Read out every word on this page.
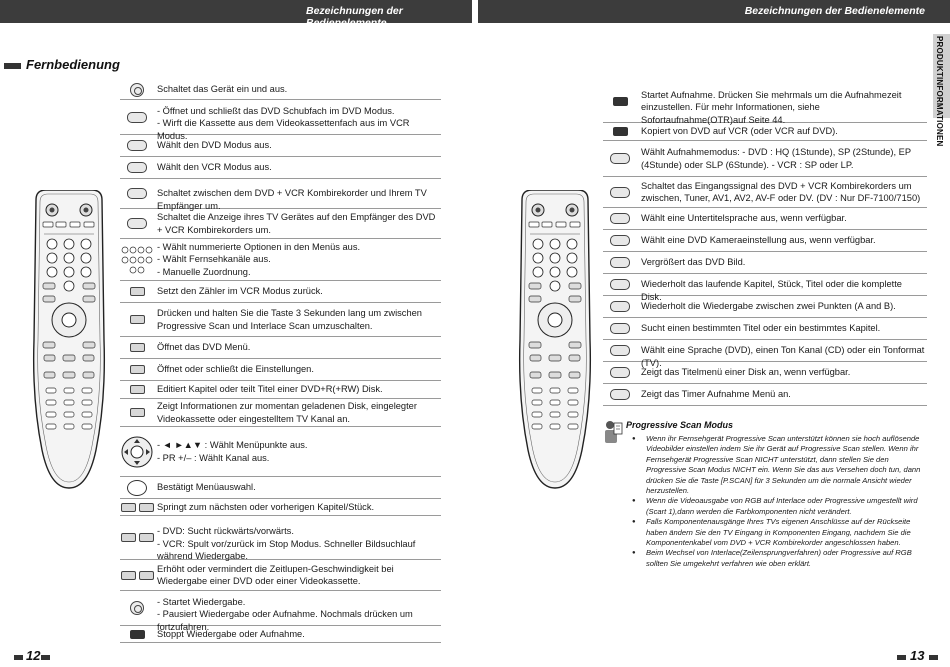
Bezeichnungen der Bedienelemente
Bezeichnungen der Bedienelemente
PRODUKTINFORMATIONEN
Fernbedienung
Schaltet das Gerät ein und aus.
- Öffnet und schließt das DVD Schubfach im DVD Modus.
- Wirft die Kassette aus dem Videokassettenfach aus im VCR Modus.
Wählt den DVD Modus aus.
Wählt den VCR Modus aus.
Schaltet zwischen dem DVD + VCR Kombirekorder und Ihrem TV Empfänger um.
Schaltet die Anzeige ihres TV Gerätes auf den Empfänger des DVD + VCR Kombirekorders um.
- Wählt nummerierte Optionen in den Menüs aus.
- Wählt Fernsehkanäle aus.
- Manuelle Zuordnung.
Setzt den Zähler im VCR Modus zurück.
Drücken und halten Sie die Taste 3 Sekunden lang um zwischen Progressive Scan und Interlace Scan umzuschalten.
Öffnet das DVD Menü.
Öffnet oder schließt die Einstellungen.
Editiert Kapitel oder teilt Titel einer DVD+R(+RW) Disk.
Zeigt Informationen zur momentan geladenen Disk, eingelegter Videokassette oder eingestelltem TV Kanal an.
- ◄ ►▲▼ : Wählt Menüpunkte aus.
- PR +/– : Wählt Kanal aus.
Bestätigt Menüauswahl.
Springt zum nächsten oder vorherigen Kapitel/Stück.
- DVD: Sucht rückwärts/vorwärts.
- VCR: Spult vor/zurück im Stop Modus. Schneller Bildsuchlauf während Wiedergabe.
Erhöht oder vermindert die Zeitlupen-Geschwindigkeit bei Wiedergabe einer DVD oder einer Videokassette.
- Startet Wiedergabe.
- Pausiert Wiedergabe oder Aufnahme. Nochmals drücken um fortzufahren.
Stoppt Wiedergabe oder Aufnahme.
Startet Aufnahme. Drücken Sie mehrmals um die Aufnahmezeit einzustellen. Für mehr Informationen, siehe Sofortaufnahme(OTR)auf Seite 44.
Kopiert von DVD auf VCR (oder VCR auf DVD).
Wählt Aufnahmemodus: - DVD : HQ (1Stunde), SP (2Stunde), EP (4Stunde) oder SLP (6Stunde). - VCR : SP oder LP.
Schaltet das Eingangssignal des DVD + VCR Kombirekorders um zwischen, Tuner, AV1, AV2, AV-F oder DV. (DV : Nur DF-7100/7150)
Wählt eine Untertitelsprache aus, wenn verfügbar.
Wählt eine DVD Kameraeinstellung aus, wenn verfügbar.
Vergrößert das DVD Bild.
Wiederholt das laufende Kapitel, Stück, Titel oder die komplette Disk.
Wiederholt die Wiedergabe zwischen zwei Punkten (A and B).
Sucht einen bestimmten Titel oder ein bestimmtes Kapitel.
Wählt eine Sprache (DVD), einen Ton Kanal (CD) oder ein Tonformat (TV).
Zeigt das Titelmenü einer Disk an, wenn verfügbar.
Zeigt das Timer Aufnahme Menü an.
Progressive Scan Modus
● Wenn ihr Fernsehgerät Progressive Scan unterstützt können sie hoch auflösende Videobilder einstellen indem Sie ihr Gerät auf Progressive Scan stellen. Wenn ihr Fernsehgerät Progressive Scan NICHT unterstützt, dann stellen Sie den Progressive Scan Modus NICHT ein. Wenn Sie das aus Versehen doch tun, dann drücken Sie die Taste [P.SCAN] für 3 Sekunden um die normale Ansicht wieder herzustellen.
● Wenn die Videoausgabe von RGB auf Interlace oder Progressive umgestellt wird (Scart 1),dann werden die Farbkomponenten nicht verändert.
● Falls Komponentenausgänge Ihres TVs eigenen Anschlüsse auf der Rückseite haben ändern Sie den TV Eingang in Komponenten Eingang, nachdem Sie die Komponentenkabel vom DVD + VCR Kombirekorder angeschlossen haben.
● Beim Wechsel von Interlace(Zeilensprungverfahren) oder Progressive auf RGB sollten Sie umgekehrt verfahren wie oben erklärt.
12	13
